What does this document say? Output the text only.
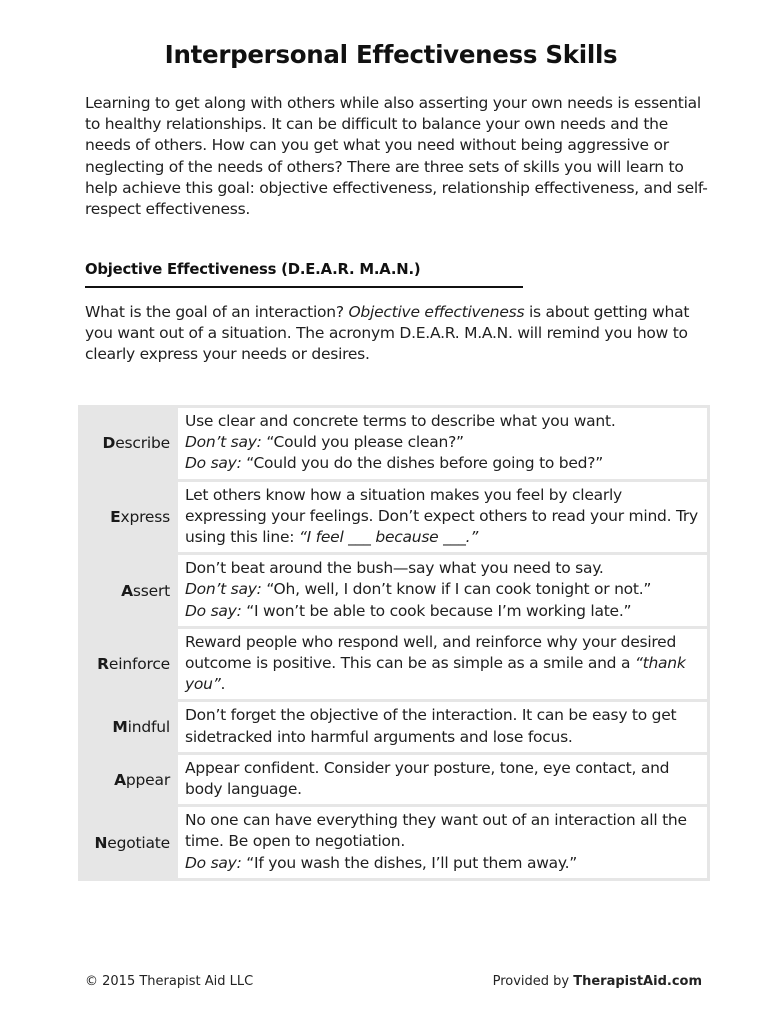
Interpersonal Effectiveness Skills

Learning to get along with others while also asserting your own needs is essential to healthy relationships. It can be difficult to balance your own needs and the needs of others. How can you get what you need without being aggressive or neglecting of the needs of others? There are three sets of skills you will learn to help achieve this goal: objective effectiveness, relationship effectiveness, and self-respect effectiveness.

Objective Effectiveness (D.E.A.R. M.A.N.)

What is the goal of an interaction? Objective effectiveness is about getting what you want out of a situation. The acronym D.E.A.R. M.A.N. will remind you how to clearly express your needs or desires.

D escribe

Use clear and concrete terms to describe what you want.

Don’t say: “Could you please clean?”

Do say: “Could you do the dishes before going to bed?”

E xpress

Let others know how a situation makes you feel by clearly expressing your feelings. Don’t expect others to read your mind. Try using this line: “I feel ___ because ___.”

A ssert

Don’t beat around the bush—say what you need to say.

Don’t say: “Oh, well, I don’t know if I can cook tonight or not.”

Do say: “I won’t be able to cook because I’m working late.”

R einforce

Reward people who respond well, and reinforce why your desired outcome is positive. This can be as simple as a smile and a “thank you”.

M indful

Don’t forget the objective of the interaction. It can be easy to get sidetracked into harmful arguments and lose focus.

A ppear

Appear confident. Consider your posture, tone, eye contact, and body language.

N egotiate

No one can have everything they want out of an interaction all the time. Be open to negotiation.

Do say: “If you wash the dishes, I’ll put them away.”

© 2015 Therapist Aid LLC	Provided by TherapistAid.com
